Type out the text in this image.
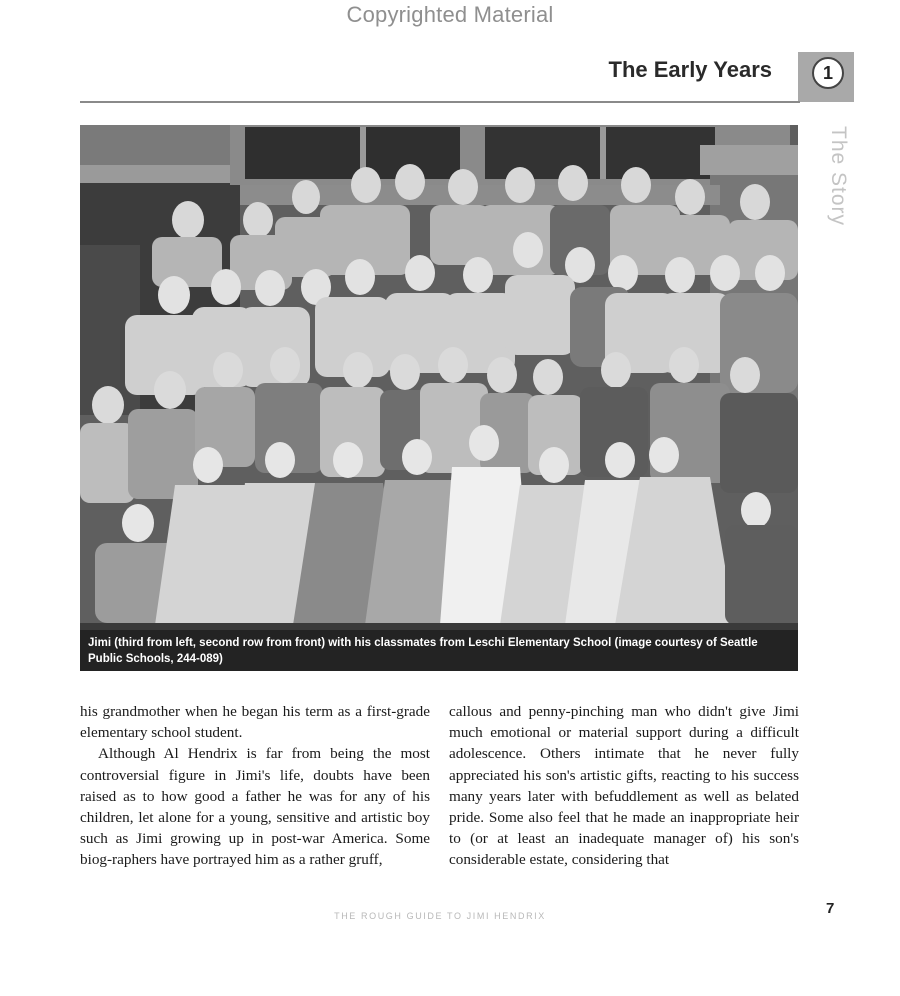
Copyrighted Material
The Early Years	1
The Story
Jimi (third from left, second row from front) with his classmates from Leschi Elementary School (image courtesy of Seattle Public Schools, 244-089)

his grandmother when he began his term as a first-grade elementary school student.

Although Al Hendrix is far from being the most controversial figure in Jimi's life, doubts have been raised as to how good a father he was for any of his children, let alone for a young, sensitive and artistic boy such as Jimi growing up in post-war America. Some biog-raphers have portrayed him as a rather gruff,

callous and penny-pinching man who didn't give Jimi much emotional or material support during a difficult adolescence. Others intimate that he never fully appreciated his son's artistic gifts, reacting to his success many years later with befuddlement as well as belated pride. Some also feel that he made an inappropriate heir to (or at least an inadequate manager of) his son's considerable estate, considering that

THE ROUGH GUIDE TO JIMI HENDRIX	7
